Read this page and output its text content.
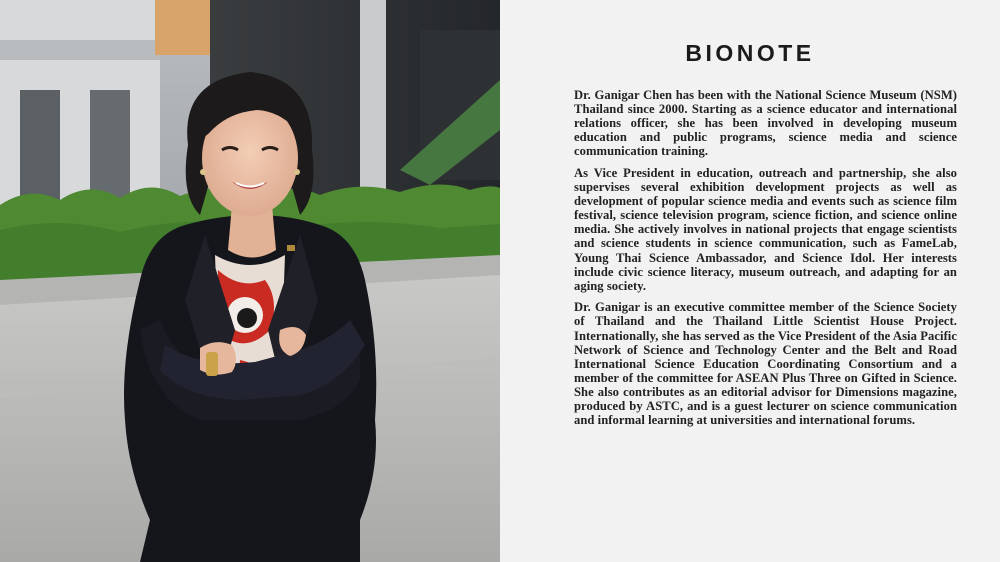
BIONOTE

Dr. Ganigar Chen has been with the National Science Museum (NSM) Thailand since 2000. Starting as a science educator and international relations officer, she has been involved in developing museum education and public programs, science media and science communication training.

As Vice President in education, outreach and partnership, she also supervises several exhibition development projects as well as development of popular science media and events such as science film festival, science television program, science fiction, and science online media. She actively involves in national projects that engage scientists and science students in science communication, such as FameLab, Young Thai Science Ambassador, and Science Idol. Her interests include civic science literacy, museum outreach, and adapting for an aging society.

Dr. Ganigar is an executive committee member of the Science Society of Thailand and the Thailand Little Scientist House Project. Internationally, she has served as the Vice President of the Asia Pacific Network of Science and Technology Center and the Belt and Road International Science Education Coordinating Consortium and a member of the committee for ASEAN Plus Three on Gifted in Science. She also contributes as an editorial advisor for Dimensions magazine, produced by ASTC, and is a guest lecturer on science communication and informal learning at universities and international forums.
